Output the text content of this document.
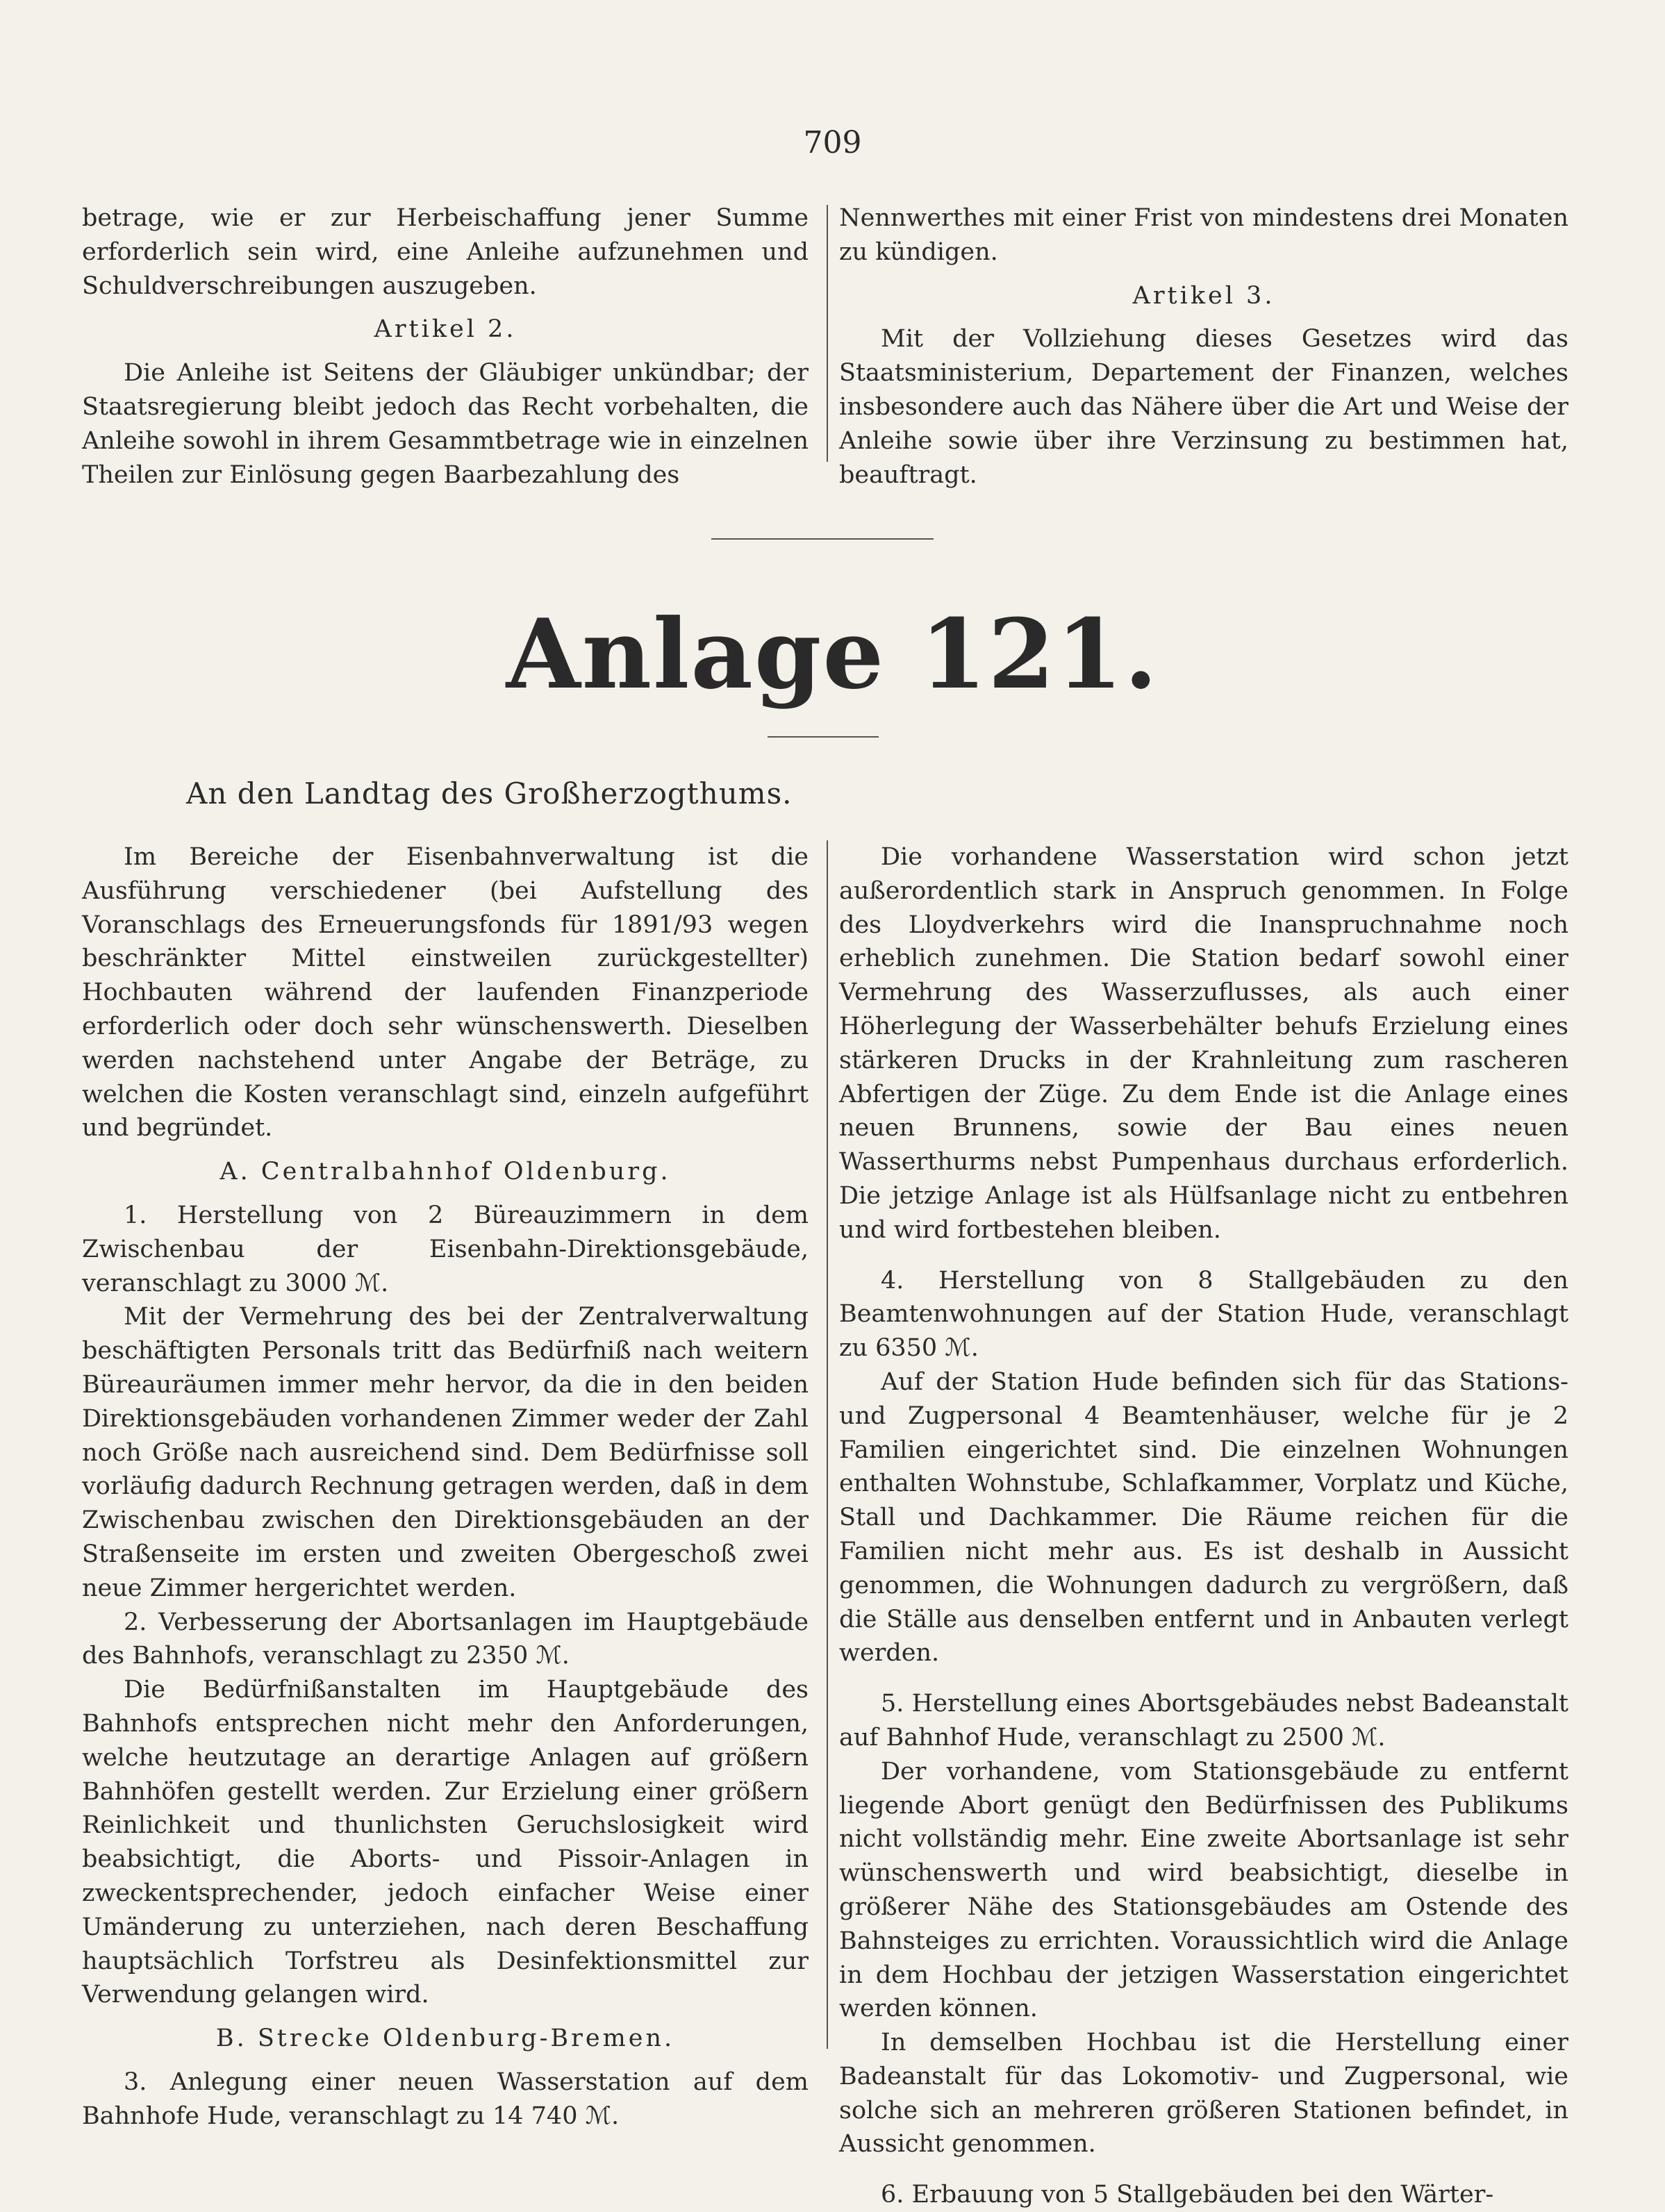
709

betrage, wie er zur Herbeischaffung jener Summe erforderlich sein wird, eine Anleihe aufzunehmen und Schuldverschreibungen auszugeben.

Artikel 2.

Die Anleihe ist Seitens der Gläubiger unkündbar; der Staatsregierung bleibt jedoch das Recht vorbehalten, die Anleihe sowohl in ihrem Gesammtbetrage wie in einzelnen Theilen zur Einlösung gegen Baarbezahlung des

Nennwerthes mit einer Frist von mindestens drei Monaten zu kündigen.

Artikel 3.

Mit der Vollziehung dieses Gesetzes wird das Staatsministerium, Departement der Finanzen, welches insbesondere auch das Nähere über die Art und Weise der Anleihe sowie über ihre Verzinsung zu bestimmen hat, beauftragt.

Anlage 121.
An den Landtag des Großherzogthums.

Im Bereiche der Eisenbahnverwaltung ist die Ausführung verschiedener (bei Aufstellung des Voranschlags des Erneuerungsfonds für 1891/93 wegen beschränkter Mittel einstweilen zurückgestellter) Hochbauten während der laufenden Finanzperiode erforderlich oder doch sehr wünschenswerth. Dieselben werden nachstehend unter Angabe der Beträge, zu welchen die Kosten veranschlagt sind, einzeln aufgeführt und begründet.

A. Centralbahnhof Oldenburg.

1. Herstellung von 2 Büreauzimmern in dem Zwischenbau der Eisenbahn-Direktionsgebäude, veranschlagt zu 3000 ℳ.

Mit der Vermehrung des bei der Zentralverwaltung beschäftigten Personals tritt das Bedürfniß nach weitern Büreauräumen immer mehr hervor, da die in den beiden Direktionsgebäuden vorhandenen Zimmer weder der Zahl noch Größe nach ausreichend sind. Dem Bedürfnisse soll vorläufig dadurch Rechnung getragen werden, daß in dem Zwischenbau zwischen den Direktionsgebäuden an der Straßenseite im ersten und zweiten Obergeschoß zwei neue Zimmer hergerichtet werden.

2. Verbesserung der Abortsanlagen im Hauptgebäude des Bahnhofs, veranschlagt zu 2350 ℳ.

Die Bedürfnißanstalten im Hauptgebäude des Bahnhofs entsprechen nicht mehr den Anforderungen, welche heutzutage an derartige Anlagen auf größern Bahnhöfen gestellt werden. Zur Erzielung einer größern Reinlichkeit und thunlichsten Geruchslosigkeit wird beabsichtigt, die Aborts- und Pissoir-Anlagen in zweckentsprechender, jedoch einfacher Weise einer Umänderung zu unterziehen, nach deren Beschaffung hauptsächlich Torfstreu als Desinfektionsmittel zur Verwendung gelangen wird.

B. Strecke Oldenburg-Bremen.

3. Anlegung einer neuen Wasserstation auf dem Bahnhofe Hude, veranschlagt zu 14 740 ℳ.

Die vorhandene Wasserstation wird schon jetzt außerordentlich stark in Anspruch genommen. In Folge des Lloydverkehrs wird die Inanspruchnahme noch erheblich zunehmen. Die Station bedarf sowohl einer Vermehrung des Wasserzuflusses, als auch einer Höherlegung der Wasserbehälter behufs Erzielung eines stärkeren Drucks in der Krahnleitung zum rascheren Abfertigen der Züge. Zu dem Ende ist die Anlage eines neuen Brunnens, sowie der Bau eines neuen Wasserthurms nebst Pumpenhaus durchaus erforderlich. Die jetzige Anlage ist als Hülfsanlage nicht zu entbehren und wird fortbestehen bleiben.

4. Herstellung von 8 Stallgebäuden zu den Beamtenwohnungen auf der Station Hude, veranschlagt zu 6350 ℳ.

Auf der Station Hude befinden sich für das Stations- und Zugpersonal 4 Beamtenhäuser, welche für je 2 Familien eingerichtet sind. Die einzelnen Wohnungen enthalten Wohnstube, Schlafkammer, Vorplatz und Küche, Stall und Dachkammer. Die Räume reichen für die Familien nicht mehr aus. Es ist deshalb in Aussicht genommen, die Wohnungen dadurch zu vergrößern, daß die Ställe aus denselben entfernt und in Anbauten verlegt werden.

5. Herstellung eines Abortsgebäudes nebst Badeanstalt auf Bahnhof Hude, veranschlagt zu 2500 ℳ.

Der vorhandene, vom Stationsgebäude zu entfernt liegende Abort genügt den Bedürfnissen des Publikums nicht vollständig mehr. Eine zweite Abortsanlage ist sehr wünschenswerth und wird beabsichtigt, dieselbe in größerer Nähe des Stationsgebäudes am Ostende des Bahnsteiges zu errichten. Voraussichtlich wird die Anlage in dem Hochbau der jetzigen Wasserstation eingerichtet werden können.

In demselben Hochbau ist die Herstellung einer Badeanstalt für das Lokomotiv- und Zugpersonal, wie solche sich an mehreren größeren Stationen befindet, in Aussicht genommen.

6. Erbauung von 5 Stallgebäuden bei den Wärter-
